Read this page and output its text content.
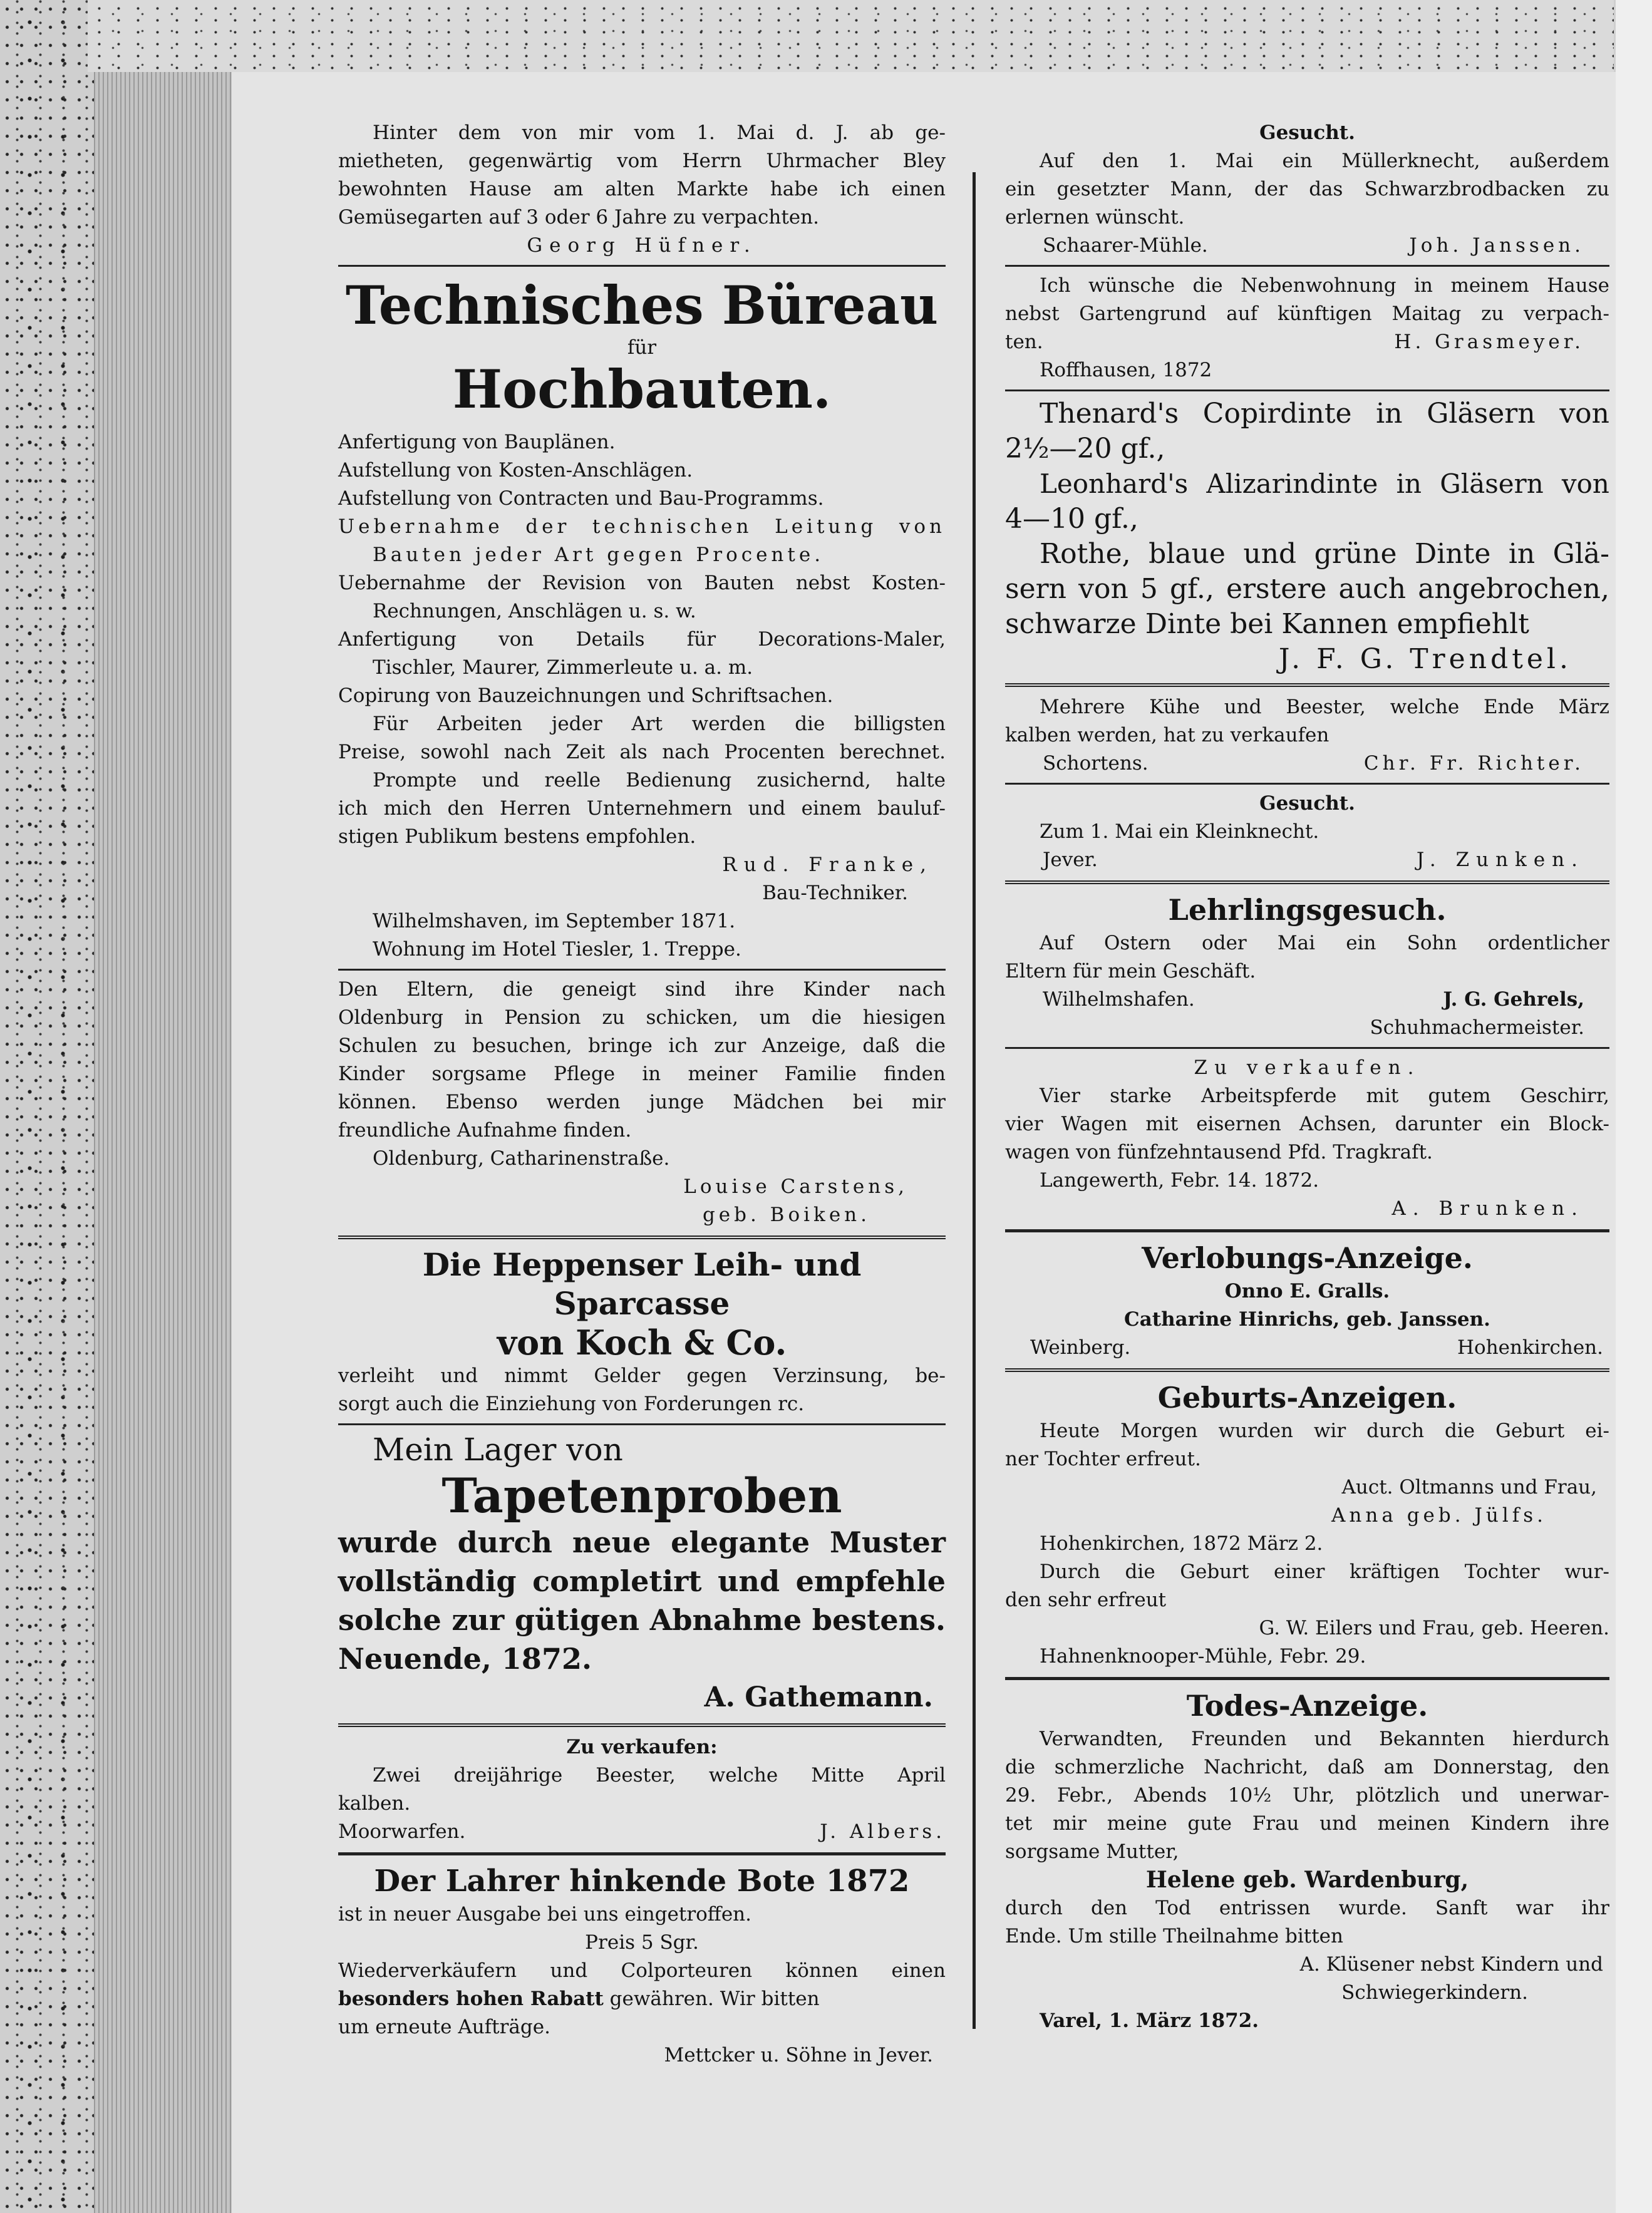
Hinter dem von mir vom 1. Mai d. J. ab ge-

mietheten, gegenwärtig vom Herrn Uhrmacher Bley

bewohnten Hause am alten Markte habe ich einen

Gemüsegarten auf 3 oder 6 Jahre zu verpachten.

Georg Hüfner.

Technisches Büreau

für

Hochbauten.

Anfertigung von Bauplänen.

Aufstellung von Kosten-Anschlägen.

Aufstellung von Contracten und Bau-Programms.

Uebernahme der technischen Leitung von

Bauten jeder Art gegen Procente.

Uebernahme der Revision von Bauten nebst Kosten-

Rechnungen, Anschlägen u. s. w.

Anfertigung von Details für Decorations-Maler,

Tischler, Maurer, Zimmerleute u. a. m.

Copirung von Bauzeichnungen und Schriftsachen.

Für Arbeiten jeder Art werden die billigsten

Preise, sowohl nach Zeit als nach Procenten berechnet.

Prompte und reelle Bedienung zusichernd, halte

ich mich den Herren Unternehmern und einem bauluf-

stigen Publikum bestens empfohlen.

Rud. Franke,

Bau-Techniker.

Wilhelmshaven, im September 1871.

Wohnung im Hotel Tiesler, 1. Treppe.

Den Eltern, die geneigt sind ihre Kinder nach

Oldenburg in Pension zu schicken, um die hiesigen

Schulen zu besuchen, bringe ich zur Anzeige, daß die

Kinder sorgsame Pflege in meiner Familie finden

können. Ebenso werden junge Mädchen bei mir

freundliche Aufnahme finden.

Oldenburg, Catharinenstraße.

Louise Carstens,

geb. Boiken.

Die Heppenser Leih- und Sparcasse

von Koch & Co.

verleiht und nimmt Gelder gegen Verzinsung, be-

sorgt auch die Einziehung von Forderungen rc.

Mein Lager von

Tapetenproben

wurde durch neue elegante Muster

vollständig completirt und empfehle

solche zur gütigen Abnahme bestens.

Neuende, 1872.

A. Gathemann.

Zu verkaufen:

Zwei dreijährige Beester, welche Mitte April

kalben.

Moorwarfen.	J. Albers.

Der Lahrer hinkende Bote 1872

ist in neuer Ausgabe bei uns eingetroffen.

Preis 5 Sgr.

Wiederverkäufern und Colporteuren können einen

besonders hohen Rabatt gewähren. Wir bitten

um erneute Aufträge.

Mettcker u. Söhne in Jever.

Gesucht.

Auf den 1. Mai ein Müllerknecht, außerdem

ein gesetzter Mann, der das Schwarzbrodbacken zu

erlernen wünscht.

Schaarer-Mühle.	Joh. Janssen.

Ich wünsche die Nebenwohnung in meinem Hause

nebst Gartengrund auf künftigen Maitag zu verpach-

ten.	H. Grasmeyer.

Roffhausen, 1872

Thenard's Copirdinte in Gläsern von

2½—20 gf.,

Leonhard's Alizarindinte in Gläsern von

4—10 gf.,

Rothe, blaue und grüne Dinte in Glä-

sern von 5 gf., erstere auch angebrochen,

schwarze Dinte bei Kannen empfiehlt

J. F. G. Trendtel.

Mehrere Kühe und Beester, welche Ende März

kalben werden, hat zu verkaufen

Schortens.	Chr. Fr. Richter.

Gesucht.

Zum 1. Mai ein Kleinknecht.

Jever.	J. Zunken.

Lehrlingsgesuch.

Auf Ostern oder Mai ein Sohn ordentlicher

Eltern für mein Geschäft.

Wilhelmshafen.	J. G. Gehrels,

Schuhmachermeister.

Zu verkaufen.

Vier starke Arbeitspferde mit gutem Geschirr,

vier Wagen mit eisernen Achsen, darunter ein Block-

wagen von fünfzehntausend Pfd. Tragkraft.

Langewerth, Febr. 14. 1872.

A. Brunken.

Verlobungs-Anzeige.

Onno E. Gralls.

Catharine Hinrichs, geb. Janssen.

Weinberg.	Hohenkirchen.

Geburts-Anzeigen.

Heute Morgen wurden wir durch die Geburt ei-

ner Tochter erfreut.

Auct. Oltmanns und Frau,

Anna geb. Jülfs.

Hohenkirchen, 1872 März 2.

Durch die Geburt einer kräftigen Tochter wur-

den sehr erfreut

G. W. Eilers und Frau, geb. Heeren.

Hahnenknooper-Mühle, Febr. 29.

Todes-Anzeige.

Verwandten, Freunden und Bekannten hierdurch

die schmerzliche Nachricht, daß am Donnerstag, den

29. Febr., Abends 10½ Uhr, plötzlich und unerwar-

tet mir meine gute Frau und meinen Kindern ihre

sorgsame Mutter,

Helene geb. Wardenburg,

durch den Tod entrissen wurde. Sanft war ihr

Ende. Um stille Theilnahme bitten

A. Klüsener nebst Kindern und

Schwiegerkindern.

Varel, 1. März 1872.
